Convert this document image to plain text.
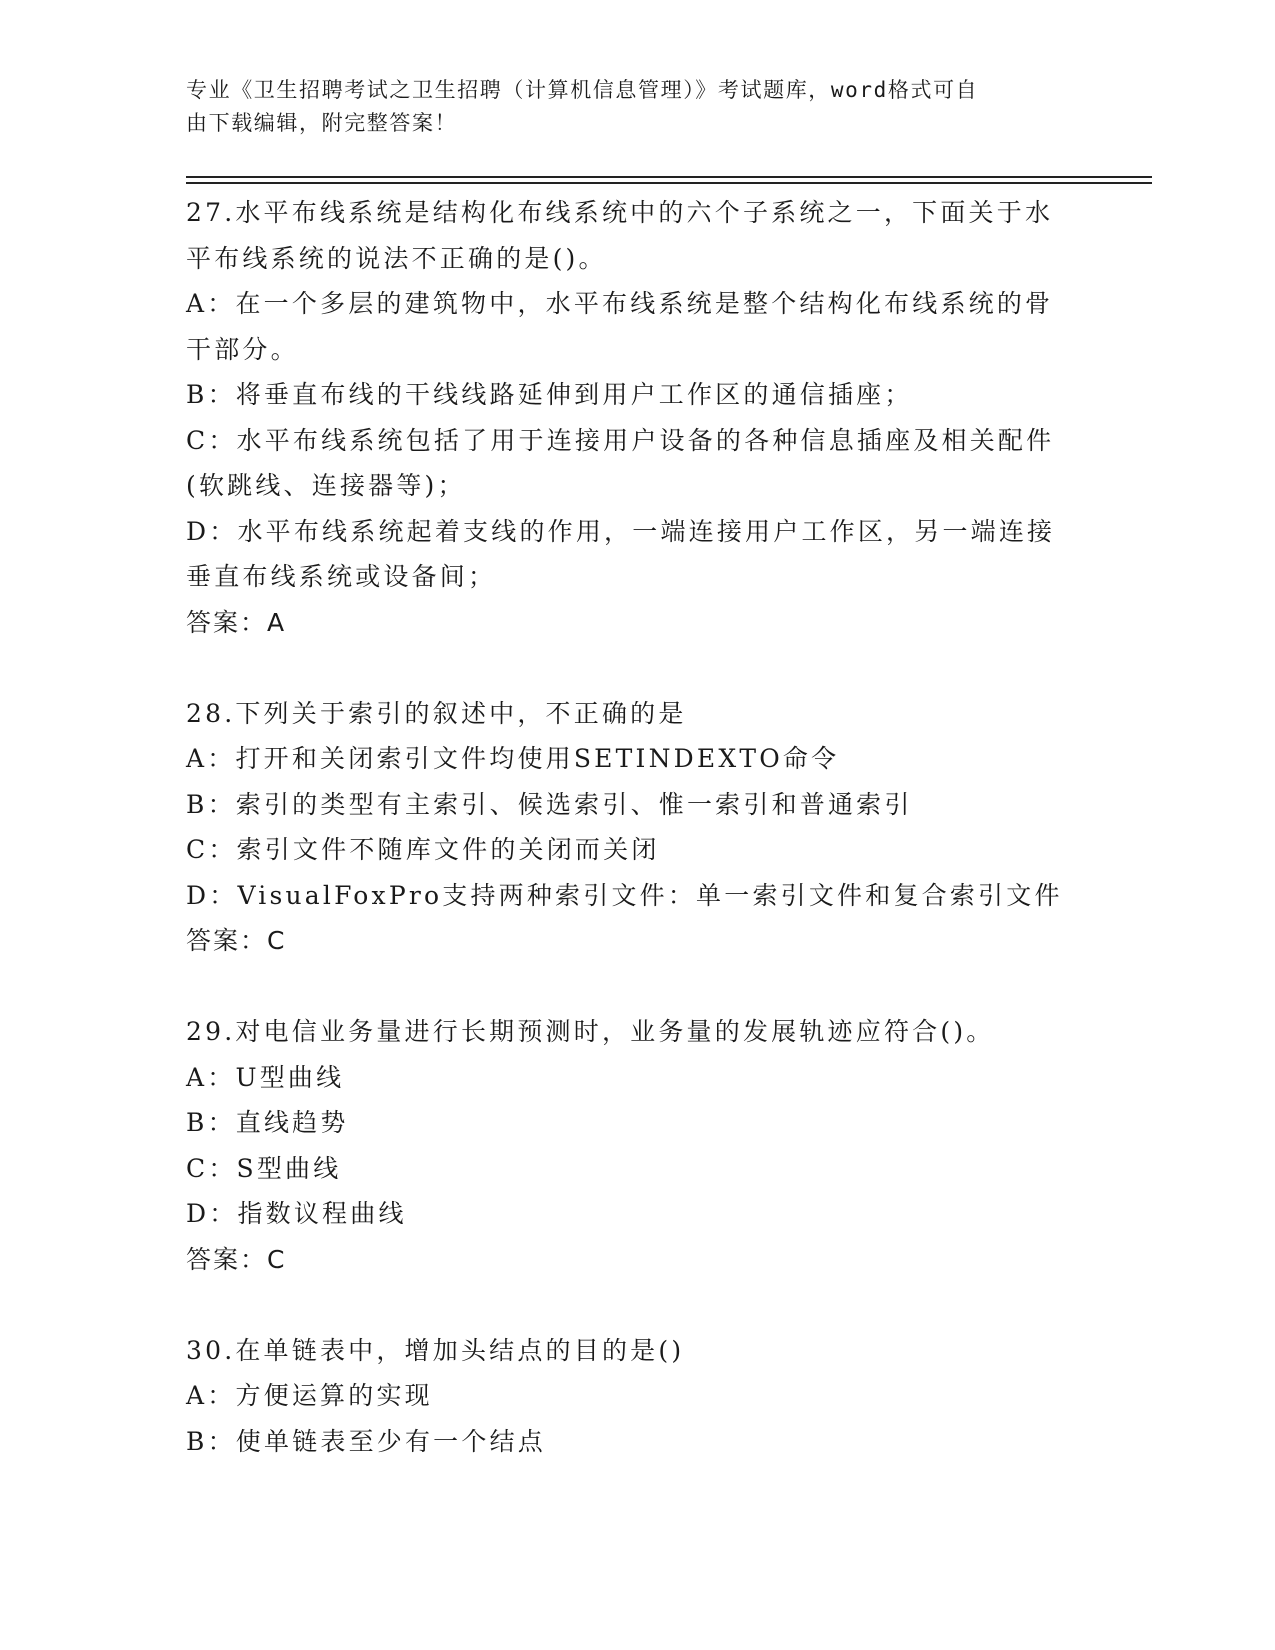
专业《卫生招聘考试之卫生招聘（计算机信息管理）》考试题库，word格式可自
由下载编辑，附完整答案！
27.水平布线系统是结构化布线系统中的六个子系统之一，下面关于水
平布线系统的说法不正确的是()。
A：在一个多层的建筑物中，水平布线系统是整个结构化布线系统的骨
干部分。
B：将垂直布线的干线线路延伸到用户工作区的通信插座；
C：水平布线系统包括了用于连接用户设备的各种信息插座及相关配件
(软跳线、连接器等)；
D：水平布线系统起着支线的作用，一端连接用户工作区，另一端连接
垂直布线系统或设备间；
答案：A
28.下列关于索引的叙述中，不正确的是
A：打开和关闭索引文件均使用SETINDEXTO命令
B：索引的类型有主索引、候选索引、惟一索引和普通索引
C：索引文件不随库文件的关闭而关闭
D：VisualFoxPro支持两种索引文件：单一索引文件和复合索引文件
答案：C
29.对电信业务量进行长期预测时，业务量的发展轨迹应符合()。
A：U型曲线
B：直线趋势
C：S型曲线
D：指数议程曲线
答案：C
30.在单链表中，增加头结点的目的是()
A：方便运算的实现
B：使单链表至少有一个结点
